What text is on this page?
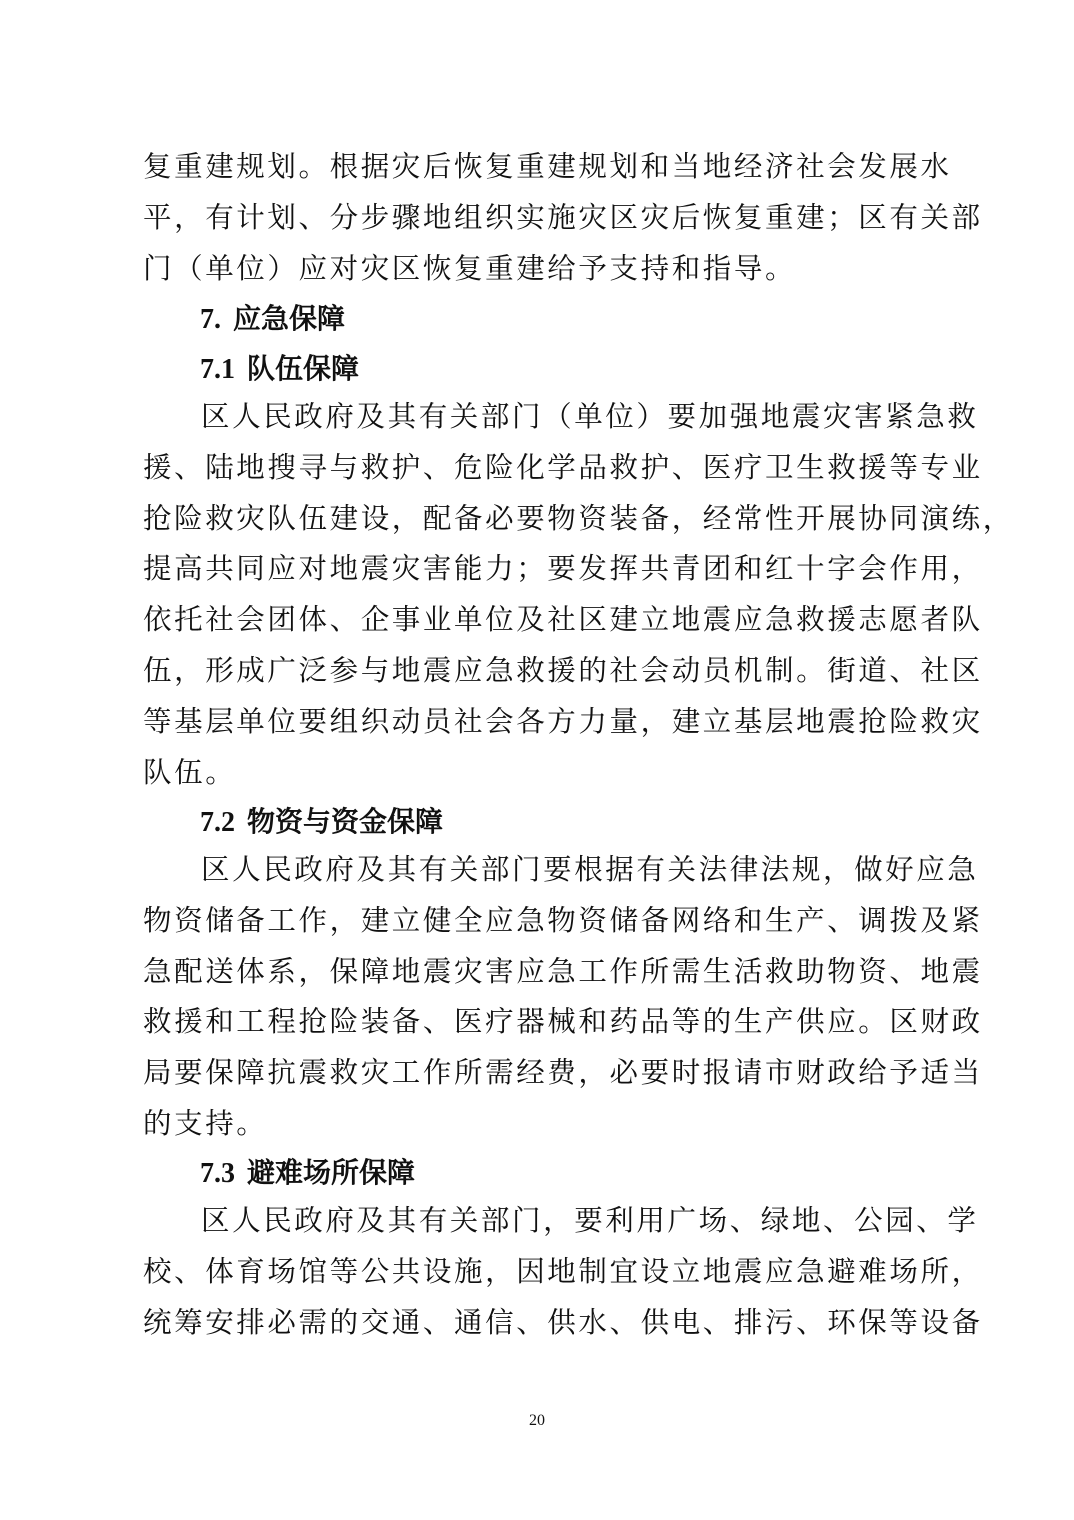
复重建规划。根据灾后恢复重建规划和当地经济社会发展水
平，有计划、分步骤地组织实施灾区灾后恢复重建；区有关部
门（单位）应对灾区恢复重建给予支持和指导。

7. 应急保障
7.1 队伍保障

区人民政府及其有关部门（单位）要加强地震灾害紧急救
援、陆地搜寻与救护、危险化学品救护、医疗卫生救援等专业
抢险救灾队伍建设，配备必要物资装备，经常性开展协同演练，
提高共同应对地震灾害能力；要发挥共青团和红十字会作用，
依托社会团体、企事业单位及社区建立地震应急救援志愿者队
伍，形成广泛参与地震应急救援的社会动员机制。街道、社区
等基层单位要组织动员社会各方力量，建立基层地震抢险救灾
队伍。

7.2 物资与资金保障

区人民政府及其有关部门要根据有关法律法规，做好应急
物资储备工作，建立健全应急物资储备网络和生产、调拨及紧
急配送体系，保障地震灾害应急工作所需生活救助物资、地震
救援和工程抢险装备、医疗器械和药品等的生产供应。区财政
局要保障抗震救灾工作所需经费，必要时报请市财政给予适当
的支持。

7.3 避难场所保障

区人民政府及其有关部门，要利用广场、绿地、公园、学
校、体育场馆等公共设施，因地制宜设立地震应急避难场所，
统筹安排必需的交通、通信、供水、供电、排污、环保等设备

20
